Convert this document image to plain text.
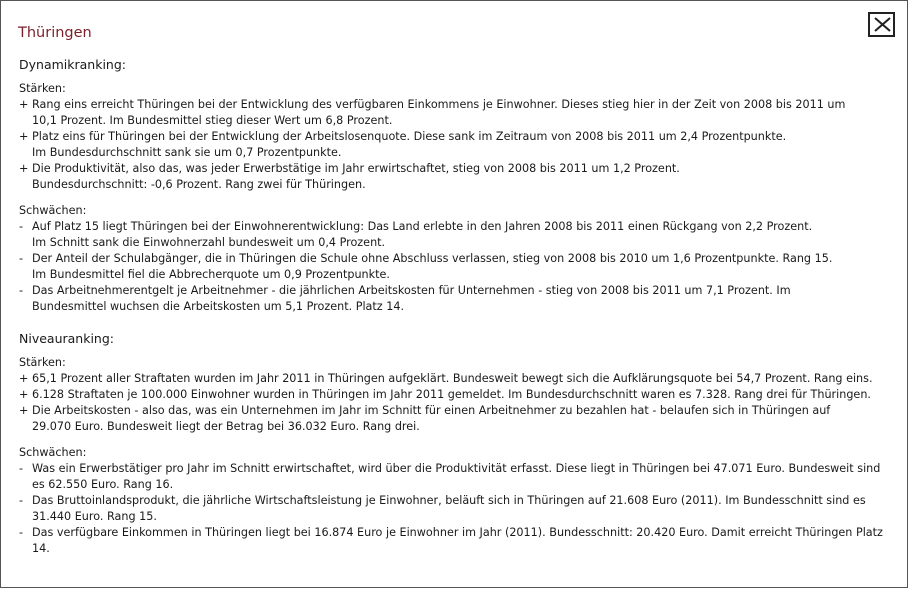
Thüringen
Dynamikranking:
Stärken:
+ Rang eins erreicht Thüringen bei der Entwicklung des verfügbaren Einkommens je Einwohner. Dieses stieg hier in der Zeit von 2008 bis 2011 um
10,1 Prozent. Im Bundesmittel stieg dieser Wert um 6,8 Prozent.
+ Platz eins für Thüringen bei der Entwicklung der Arbeitslosenquote. Diese sank im Zeitraum von 2008 bis 2011 um 2,4 Prozentpunkte.
Im Bundesdurchschnitt sank sie um 0,7 Prozentpunkte.
+ Die Produktivität, also das, was jeder Erwerbstätige im Jahr erwirtschaftet, stieg von 2008 bis 2011 um 1,2 Prozent.
Bundesdurchschnitt: -0,6 Prozent. Rang zwei für Thüringen.
Schwächen:
- Auf Platz 15 liegt Thüringen bei der Einwohnerentwicklung: Das Land erlebte in den Jahren 2008 bis 2011 einen Rückgang von 2,2 Prozent.
Im Schnitt sank die Einwohnerzahl bundesweit um 0,4 Prozent.
- Der Anteil der Schulabgänger, die in Thüringen die Schule ohne Abschluss verlassen, stieg von 2008 bis 2010 um 1,6 Prozentpunkte. Rang 15.
Im Bundesmittel fiel die Abbrecherquote um 0,9 Prozentpunkte.
- Das Arbeitnehmerentgelt je Arbeitnehmer - die jährlichen Arbeitskosten für Unternehmen - stieg von 2008 bis 2011 um 7,1 Prozent. Im
Bundesmittel wuchsen die Arbeitskosten um 5,1 Prozent. Platz 14.
Niveauranking:
Stärken:
+ 65,1 Prozent aller Straftaten wurden im Jahr 2011 in Thüringen aufgeklärt. Bundesweit bewegt sich die Aufklärungsquote bei 54,7 Prozent. Rang eins.
+ 6.128 Straftaten je 100.000 Einwohner wurden in Thüringen im Jahr 2011 gemeldet. Im Bundesdurchschnitt waren es 7.328. Rang drei für Thüringen.
+ Die Arbeitskosten - also das, was ein Unternehmen im Jahr im Schnitt für einen Arbeitnehmer zu bezahlen hat - belaufen sich in Thüringen auf
29.070 Euro. Bundesweit liegt der Betrag bei 36.032 Euro. Rang drei.
Schwächen:
- Was ein Erwerbstätiger pro Jahr im Schnitt erwirtschaftet, wird über die Produktivität erfasst. Diese liegt in Thüringen bei 47.071 Euro. Bundesweit sind
es 62.550 Euro. Rang 16.
- Das Bruttoinlandsprodukt, die jährliche Wirtschaftsleistung je Einwohner, beläuft sich in Thüringen auf 21.608 Euro (2011). Im Bundesschnitt sind es
31.440 Euro. Rang 15.
- Das verfügbare Einkommen in Thüringen liegt bei 16.874 Euro je Einwohner im Jahr (2011). Bundesschnitt: 20.420 Euro. Damit erreicht Thüringen Platz 14.
